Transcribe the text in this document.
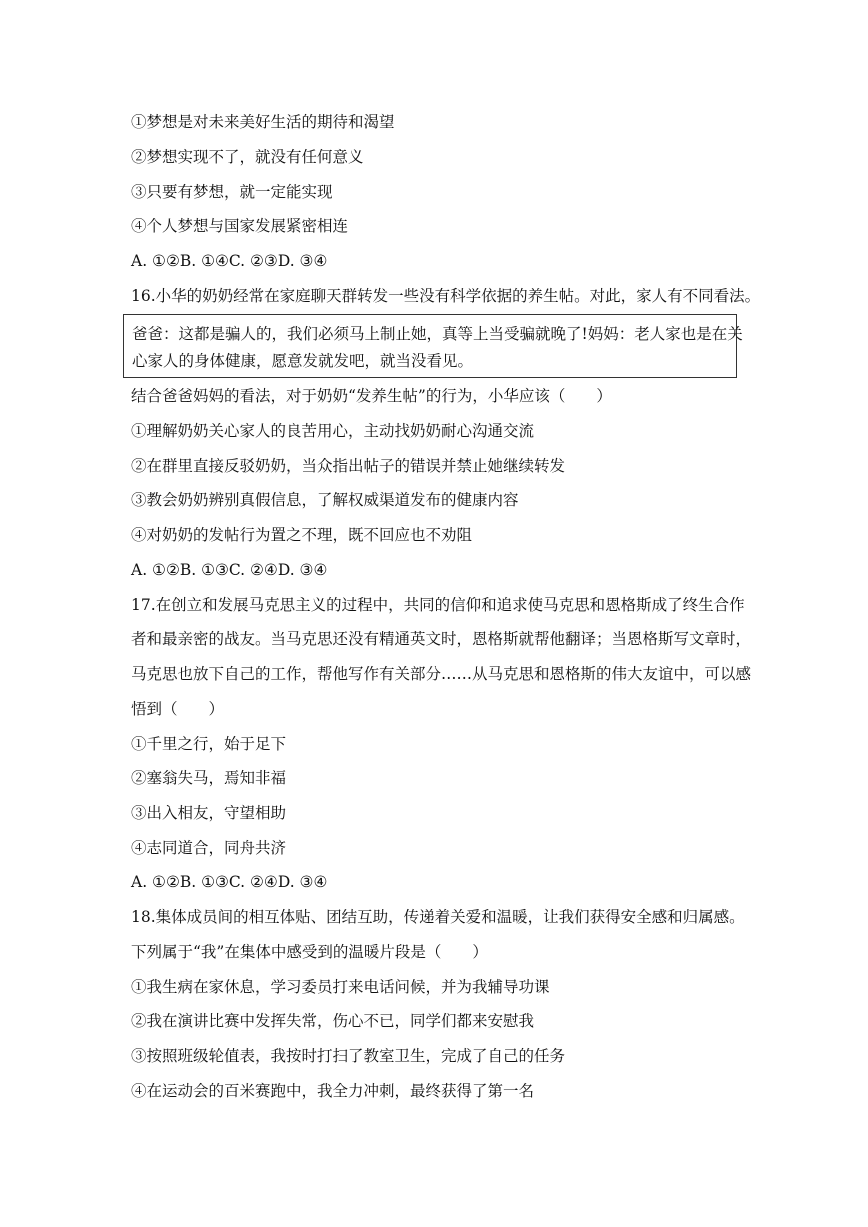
①梦想是对未来美好生活的期待和渴望
②梦想实现不了，就没有任何意义
③只要有梦想，就一定能实现
④个人梦想与国家发展紧密相连
A. ①②B. ①④C. ②③D. ③④
16.小华的奶奶经常在家庭聊天群转发一些没有科学依据的养生帖。对此，家人有不同看法。
爸爸：这都是骗人的，我们必须马上制止她，真等上当受骗就晚了!妈妈：老人家也是在关
心家人的身体健康，愿意发就发吧，就当没看见。
结合爸爸妈妈的看法，对于奶奶“发养生帖”的行为，小华应该（　　）
①理解奶奶关心家人的良苦用心，主动找奶奶耐心沟通交流
②在群里直接反驳奶奶，当众指出帖子的错误并禁止她继续转发
③教会奶奶辨别真假信息，了解权威渠道发布的健康内容
④对奶奶的发帖行为置之不理，既不回应也不劝阻
A. ①②B. ①③C. ②④D. ③④
17.在创立和发展马克思主义的过程中，共同的信仰和追求使马克思和恩格斯成了终生合作
者和最亲密的战友。当马克思还没有精通英文时，恩格斯就帮他翻译；当恩格斯写文章时，
马克思也放下自己的工作，帮他写作有关部分……从马克思和恩格斯的伟大友谊中，可以感
悟到（　　）
①千里之行，始于足下
②塞翁失马，焉知非福
③出入相友，守望相助
④志同道合，同舟共济
A. ①②B. ①③C. ②④D. ③④
18.集体成员间的相互体贴、团结互助，传递着关爱和温暖，让我们获得安全感和归属感。
下列属于“我”在集体中感受到的温暖片段是（　　）
①我生病在家休息，学习委员打来电话问候，并为我辅导功课
②我在演讲比赛中发挥失常，伤心不已，同学们都来安慰我
③按照班级轮值表，我按时打扫了教室卫生，完成了自己的任务
④在运动会的百米赛跑中，我全力冲刺，最终获得了第一名
